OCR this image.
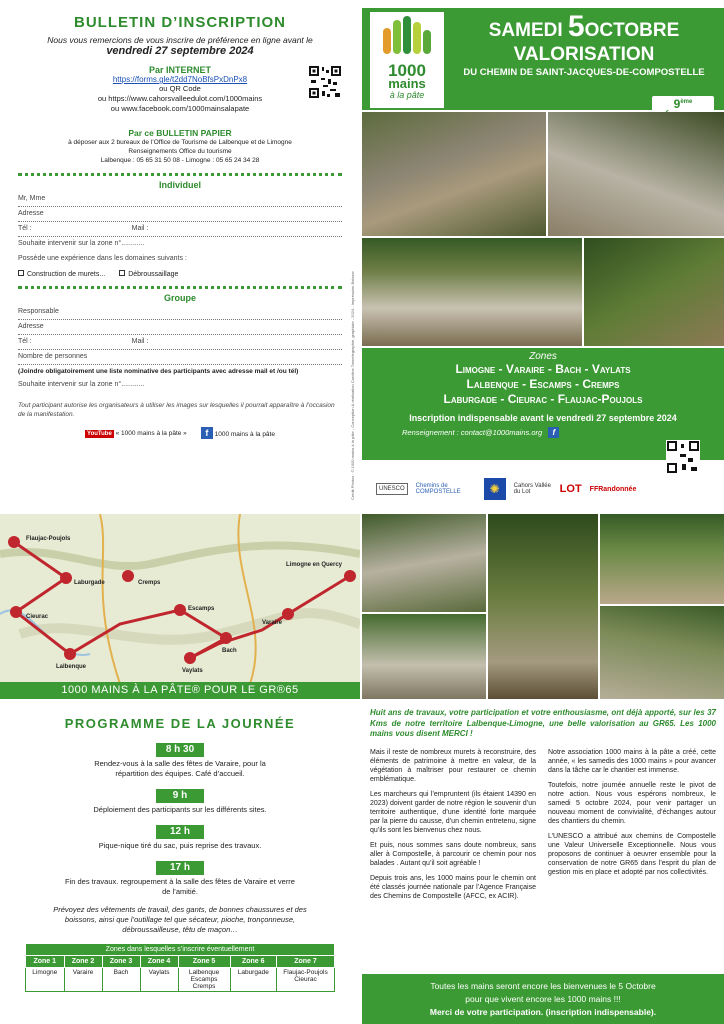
BULLETIN D’INSCRIPTION
Nous vous remercions de vous inscrire de préférence en ligne avant le
vendredi 27 septembre 2024
Par INTERNET
https://forms.gle/t2dd7NoBfsPxDnPx8
ou QR Code
ou https://www.cahorsvalleedulot.com/1000mains
ou www.facebook.com/1000mainsalapate
Par ce BULLETIN PAPIER
à déposer aux 2 bureaux de l’Office de Tourisme de Lalbenque et de Limogne
Renseignements Office du tourisme
Lalbenque : 05 65 31 50 08 - Limogne : 05 65 24 34 28
Individuel
Mr, Mme
Adresse
Tél :	Mail :
Souhaite intervenir sur la zone n°............
Possède une expérience dans les domaines suivants :
Construction de murets...	Débroussaillage
Groupe
Responsable
Adresse
Tél :	Mail :
Nombre de personnes
(Joindre obligatoirement une liste nominative des participants avec adresse mail et /ou tél)
Souhaite intervenir sur la zone n°............
Tout participant autorise les organisateurs à utiliser les images sur lesquelles il pourrait apparaître à l’occasion de la manifestation.
YouTube « 1000 mains à la pâte »	f 1000 mains à la pâte	Crédit Photos : © 1000 mains à la pâte - Conception & réalisation Caroline Tonnelegraphie, graphiste - 2024 - Impression Boissor
1000
mains
à la pâte
SAMEDI 5OCTOBRE
VALORISATION
DU CHEMIN DE SAINT-JACQUES-DE-COMPOSTELLE
9ème
Zones
Limogne - Varaire - Bach - Vaylats
Lalbenque - Escamps - Cremps
Laburgade - Cieurac - Flaujac-Poujols
Inscription indispensable avant le vendredi 27 septembre 2024
Renseignement : contact@1000mains.org f
UNESCO	Chemins de COMPOSTELLE	✺	Cahors Vallée du Lot	LOT FFRandonnée
Flaujac-Poujols
Laburgade	Cremps
Cieurac
Escamps
Lalbenque
Vaylats
Bach
Varaire
Limogne en Quercy
1000 MAINS À LA PÂTE® POUR LE GR®65
PROGRAMME DE LA JOURNÉE
8 h 30
Rendez-vous à la salle des fêtes de Varaire, pour la répartition des équipes. Café d’accueil.
9 h
Déploiement des participants sur les différents sites.
12 h
Pique-nique tiré du sac, puis reprise des travaux.
17 h
Fin des travaux. regroupement à la salle des fêtes de Varaire et verre de l’amitié.
Prévoyez des vêtements de travail, des gants, de bonnes chaussures et des boissons, ainsi que l’outillage tel que sécateur, pioche, tronçonneuse, débroussailleuse, têtu de maçon…
Zones dans lesquelles s’inscrire éventuellement						
Zone 1	Zone 2	Zone 3	Zone 4	Zone 5	Zone 6	Zone 7
Limogne	Varaire	Bach	Vaylats	Lalbenque Escamps Cremps	Laburgade	Flaujac-Poujols Cieurac
Huit ans de travaux, votre participation et votre enthousiasme, ont déjà apporté, sur les 37 Kms de notre territoire Lalbenque-Limogne, une belle valorisation au GR65. Les 1000 mains vous disent MERCI !

Mais il reste de nombreux murets à reconstruire, des éléments de patrimoine à mettre en valeur, de la végétation à maîtriser pour restaurer ce chemin emblématique.

Les marcheurs qui l’empruntent (ils étaient 14390 en 2023) doivent garder de notre région le souvenir d’un territoire authentique, d’une identité forte marquée par la pierre du causse, d’un chemin entretenu, signe qu’ils sont les bienvenus chez nous.

Et puis, nous sommes sans doute nombreux, sans aller à Compostelle, à parcourir ce chemin pour nos balades . Autant qu’il soit agréable !

Depuis trois ans, les 1000 mains pour le chemin ont été classés journée nationale par l’Agence Française des Chemins de Compostelle (AFCC, ex ACIR).

Notre association 1000 mains à la pâte a créé, cette année, « les samedis des 1000 mains » pour avancer dans la tâche car le chantier est immense.

Toutefois, notre journée annuelle reste le pivot de notre action. Nous vous espérons nombreux, le samedi 5 octobre 2024, pour venir partager un nouveau moment de convivialité, d’échanges autour des chantiers du chemin.

L’UNESCO a attribué aux chemins de Compostelle une Valeur Universelle Exceptionnelle. Nous vous proposons de continuer à oeuvrer ensemble pour la conservation de notre GR65 dans l’esprit du plan de gestion mis en place et adopté par nos collectivités.

Toutes les mains seront encore les bienvenues le 5 Octobre
pour que vivent encore les 1000 mains !!!
Merci de votre participation. (inscription indispensable).
